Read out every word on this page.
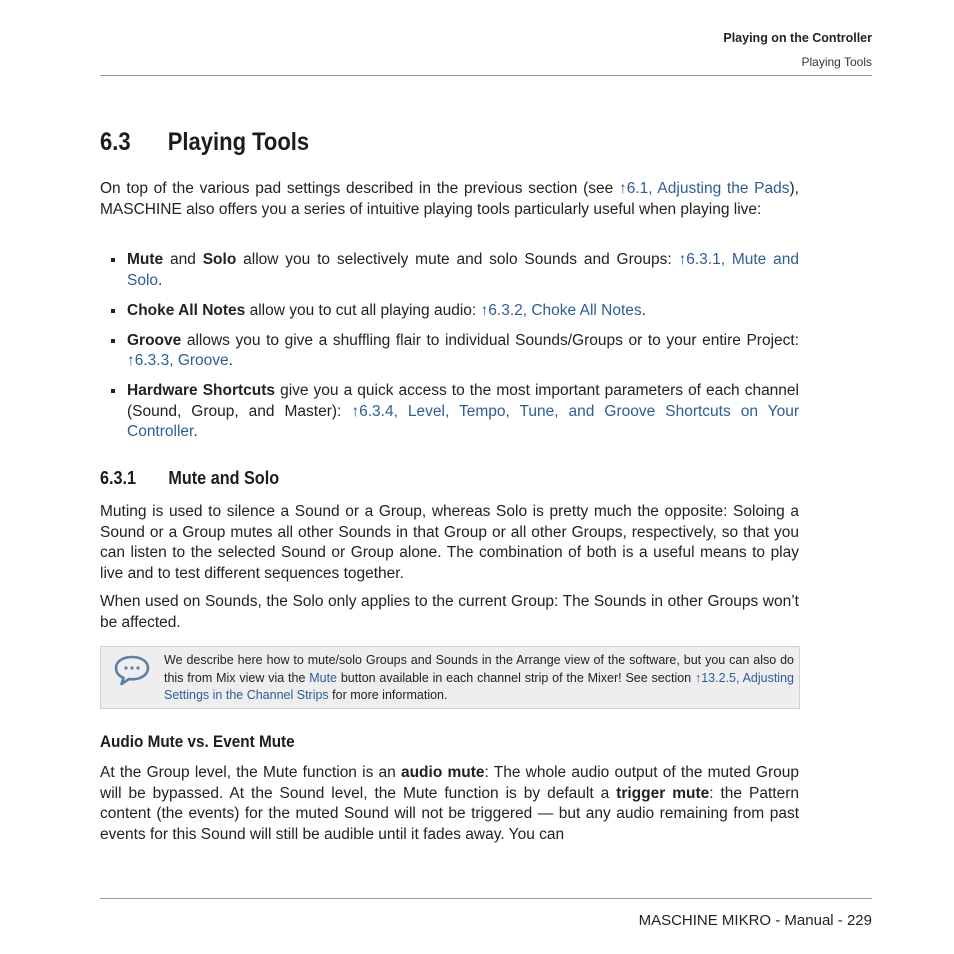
Playing on the Controller
Playing Tools
6.3 Playing Tools
On top of the various pad settings described in the previous section (see ↑6.1, Adjusting the Pads), MASCHINE also offers you a series of intuitive playing tools particularly useful when playing live:
Mute and Solo allow you to selectively mute and solo Sounds and Groups: ↑6.3.1, Mute and Solo.
Choke All Notes allow you to cut all playing audio: ↑6.3.2, Choke All Notes.
Groove allows you to give a shuffling flair to individual Sounds/Groups or to your entire Project: ↑6.3.3, Groove.
Hardware Shortcuts give you a quick access to the most important parameters of each channel (Sound, Group, and Master): ↑6.3.4, Level, Tempo, Tune, and Groove Shortcuts on Your Controller.
6.3.1 Mute and Solo
Muting is used to silence a Sound or a Group, whereas Solo is pretty much the opposite: Soloing a Sound or a Group mutes all other Sounds in that Group or all other Groups, respectively, so that you can listen to the selected Sound or Group alone. The combination of both is a useful means to play live and to test different sequences together.
When used on Sounds, the Solo only applies to the current Group: The Sounds in other Groups won’t be affected.
We describe here how to mute/solo Groups and Sounds in the Arrange view of the software, but you can also do this from Mix view via the Mute button available in each channel strip of the Mixer! See section ↑13.2.5, Adjusting Settings in the Channel Strips for more information.
Audio Mute vs. Event Mute
At the Group level, the Mute function is an audio mute: The whole audio output of the muted Group will be bypassed. At the Sound level, the Mute function is by default a trigger mute: the Pattern content (the events) for the muted Sound will not be triggered — but any audio remaining from past events for this Sound will still be audible until it fades away. You can
MASCHINE MIKRO - Manual - 229
